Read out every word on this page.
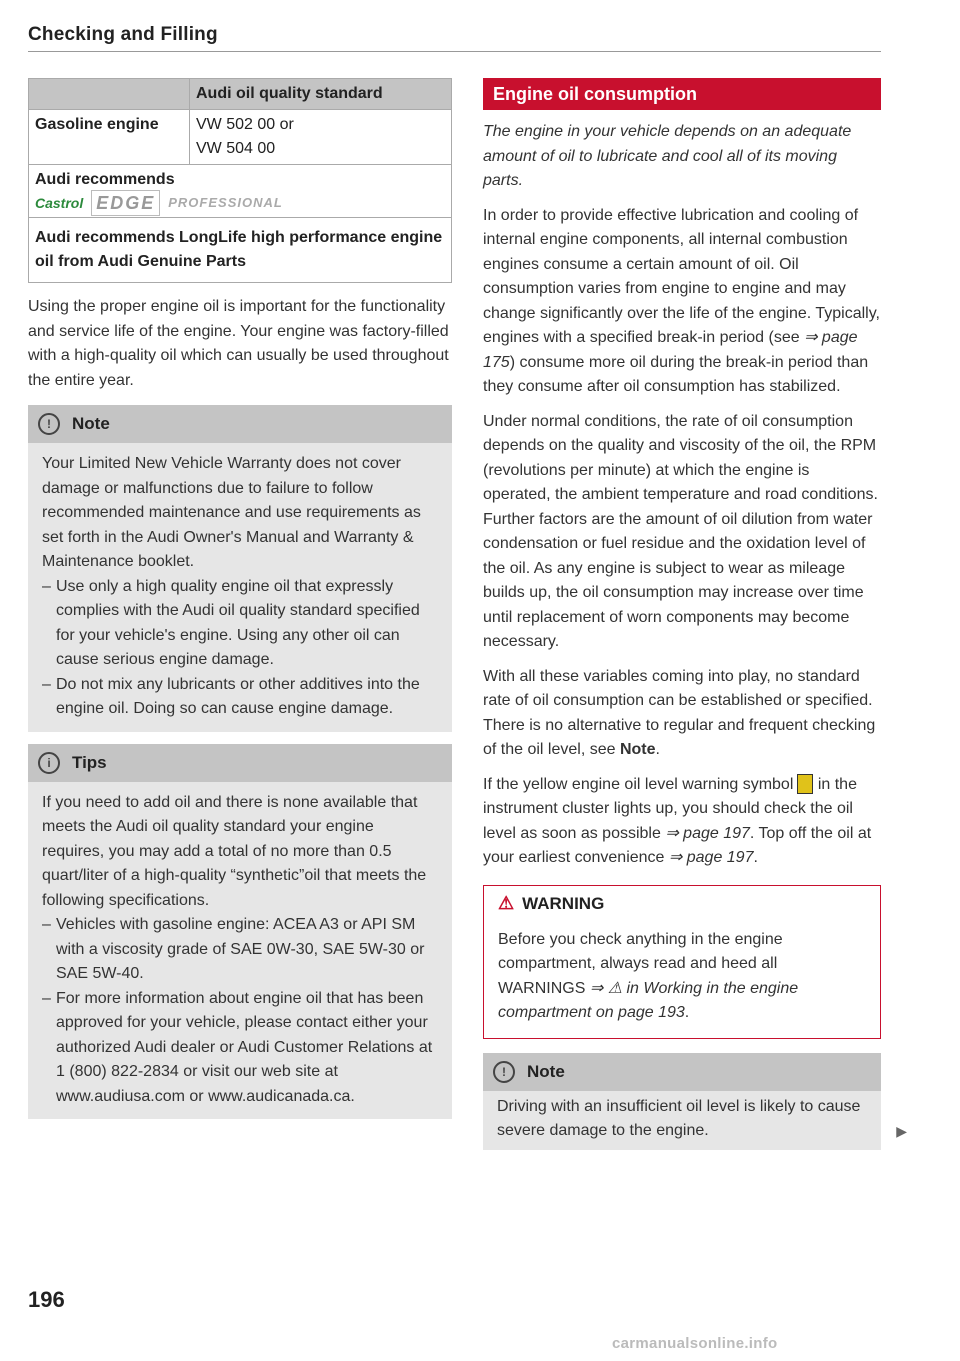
Checking and Filling
	Audi oil quality standard
Gasoline engine	VW 502 00 or
VW 504 00

Audi recommends
Castrol EDGE PROFESSIONAL	

Audi recommends LongLife high performance engine oil from Audi Genuine Parts	

Using the proper engine oil is important for the functionality and service life of the engine. Your engine was factory-filled with a high-quality oil which can usually be used throughout the entire year.

!	Note

Your Limited New Vehicle Warranty does not cover damage or malfunctions due to failure to follow recommended maintenance and use requirements as set forth in the Audi Owner's Manual and Warranty & Maintenance booklet.

– Use only a high quality engine oil that expressly complies with the Audi oil quality standard specified for your vehicle's engine. Using any other oil can cause serious engine damage.
– Do not mix any lubricants or other additives into the engine oil. Doing so can cause engine damage.
i	Tips

If you need to add oil and there is none available that meets the Audi oil quality standard your engine requires, you may add a total of no more than 0.5 quart/liter of a high-quality “synthetic”oil that meets the following specifications.

– Vehicles with gasoline engine: ACEA A3 or API SM with a viscosity grade of SAE 0W-30, SAE 5W-30 or SAE 5W-40.
– For more information about engine oil that has been approved for your vehicle, please contact either your authorized Audi dealer or Audi Customer Relations at 1 (800) 822-2834 or visit our web site at www.audiusa.com or www.audicanada.ca.
Engine oil consumption

The engine in your vehicle depends on an adequate amount of oil to lubricate and cool all of its moving parts.

In order to provide effective lubrication and cooling of internal engine components, all internal combustion engines consume a certain amount of oil. Oil consumption varies from engine to engine and may change significantly over the life of the engine. Typically, engines with a specified break-in period (see ⇒ page 175) consume more oil during the break-in period than they consume after oil consumption has stabilized.

Under normal conditions, the rate of oil consumption depends on the quality and viscosity of the oil, the RPM (revolutions per minute) at which the engine is operated, the ambient temperature and road conditions. Further factors are the amount of oil dilution from water condensation or fuel residue and the oxidation level of the oil. As any engine is subject to wear as mileage builds up, the oil consumption may increase over time until replacement of worn components may become necessary.

With all these variables coming into play, no standard rate of oil consumption can be established or specified. There is no alternative to regular and frequent checking of the oil level, see Note.

If the yellow engine oil level warning symbol in the instrument cluster lights up, you should check the oil level as soon as possible ⇒ page 197. Top off the oil at your earliest convenience ⇒ page 197.

⚠ WARNING

Before you check anything in the engine compartment, always read and heed all WARNINGS ⇒ ⚠ in Working in the engine compartment on page 193.

!	Note

Driving with an insufficient oil level is likely to cause severe damage to the engine.	▶
196
carmanualsonline.info
